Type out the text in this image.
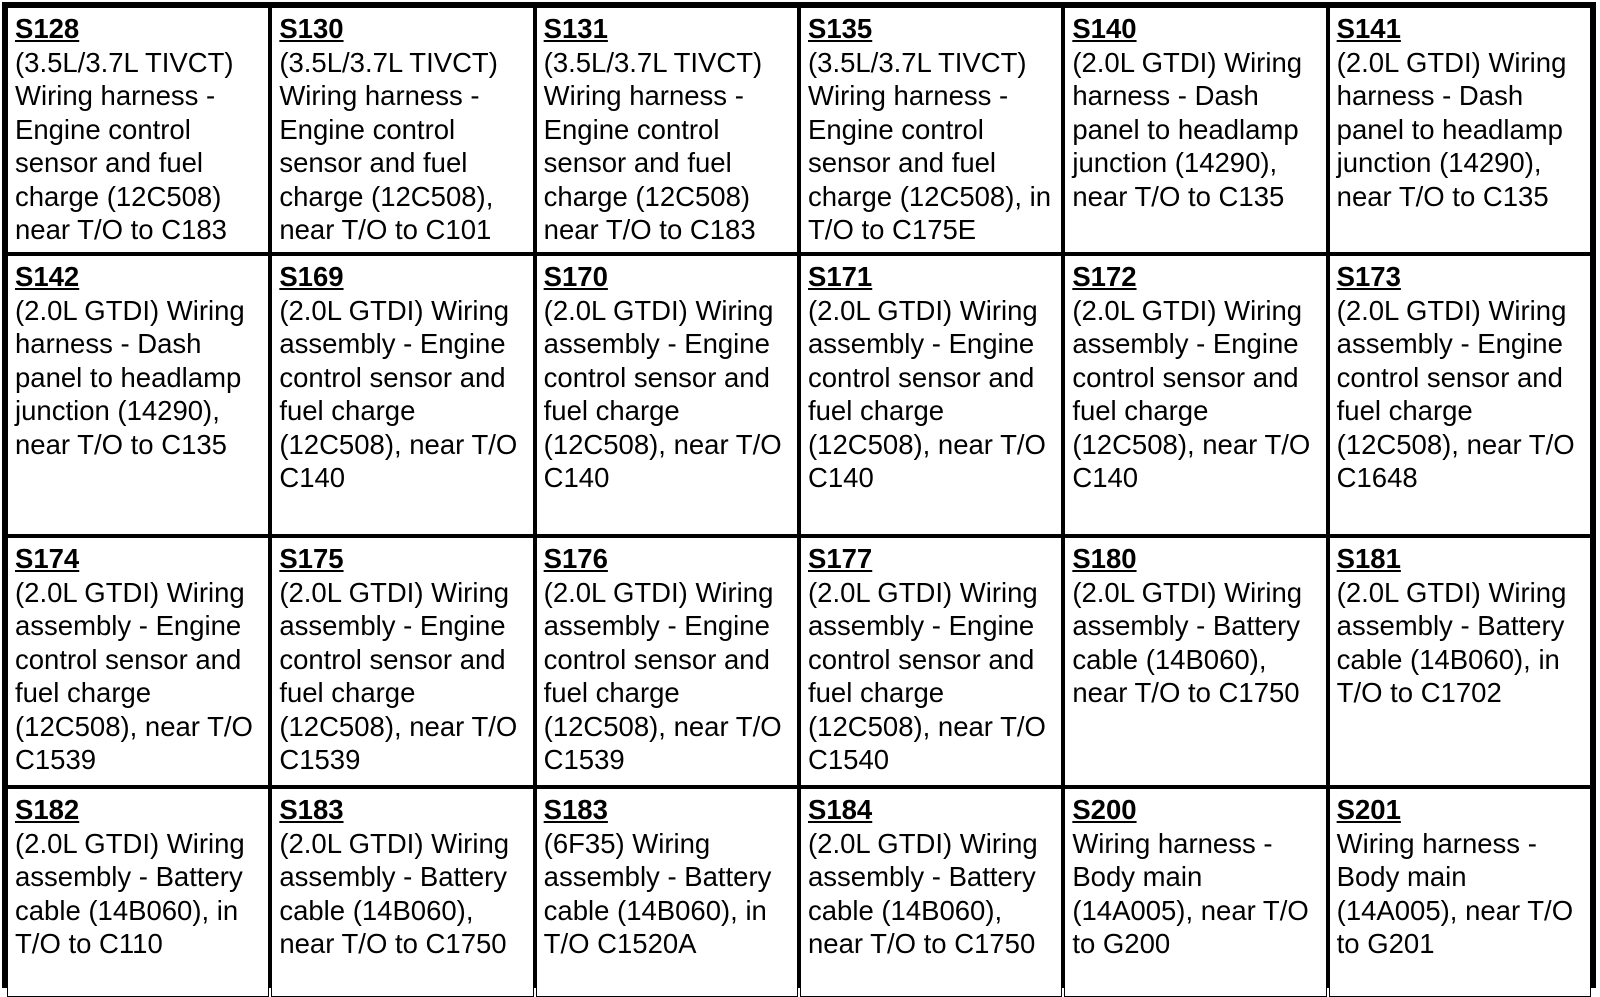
S128
(3.5L/3.7L TIVCT) Wiring harness - Engine control sensor and fuel charge (12C508) near T/O to C183
S130
(3.5L/3.7L TIVCT) Wiring harness - Engine control sensor and fuel charge (12C508), near T/O to C101
S131
(3.5L/3.7L TIVCT) Wiring harness - Engine control sensor and fuel charge (12C508) near T/O to C183
S135
(3.5L/3.7L TIVCT) Wiring harness - Engine control sensor and fuel charge (12C508), in T/O to C175E
S140
(2.0L GTDI) Wiring harness - Dash panel to headlamp junction (14290), near T/O to C135
S141
(2.0L GTDI) Wiring harness - Dash panel to headlamp junction (14290), near T/O to C135
S142
(2.0L GTDI) Wiring harness - Dash panel to headlamp junction (14290), near T/O to C135
S169
(2.0L GTDI) Wiring assembly - Engine control sensor and fuel charge (12C508), near T/O C140
S170
(2.0L GTDI) Wiring assembly - Engine control sensor and fuel charge (12C508), near T/O C140
S171
(2.0L GTDI) Wiring assembly - Engine control sensor and fuel charge (12C508), near T/O C140
S172
(2.0L GTDI) Wiring assembly - Engine control sensor and fuel charge (12C508), near T/O C140
S173
(2.0L GTDI) Wiring assembly - Engine control sensor and fuel charge (12C508), near T/O C1648
S174
(2.0L GTDI) Wiring assembly - Engine control sensor and fuel charge (12C508), near T/O C1539
S175
(2.0L GTDI) Wiring assembly - Engine control sensor and fuel charge (12C508), near T/O C1539
S176
(2.0L GTDI) Wiring assembly - Engine control sensor and fuel charge (12C508), near T/O C1539
S177
(2.0L GTDI) Wiring assembly - Engine control sensor and fuel charge (12C508), near T/O C1540
S180
(2.0L GTDI) Wiring assembly - Battery cable (14B060), near T/O to C1750
S181
(2.0L GTDI) Wiring assembly - Battery cable (14B060), in T/O to C1702
S182
(2.0L GTDI) Wiring assembly - Battery cable (14B060), in T/O to C110
S183
(2.0L GTDI) Wiring assembly - Battery cable (14B060), near T/O to C1750
S183
(6F35) Wiring assembly - Battery cable (14B060), in T/O C1520A
S184
(2.0L GTDI) Wiring assembly - Battery cable (14B060), near T/O to C1750
S200
Wiring harness - Body main (14A005), near T/O to G200
S201
Wiring harness - Body main (14A005), near T/O to G201
